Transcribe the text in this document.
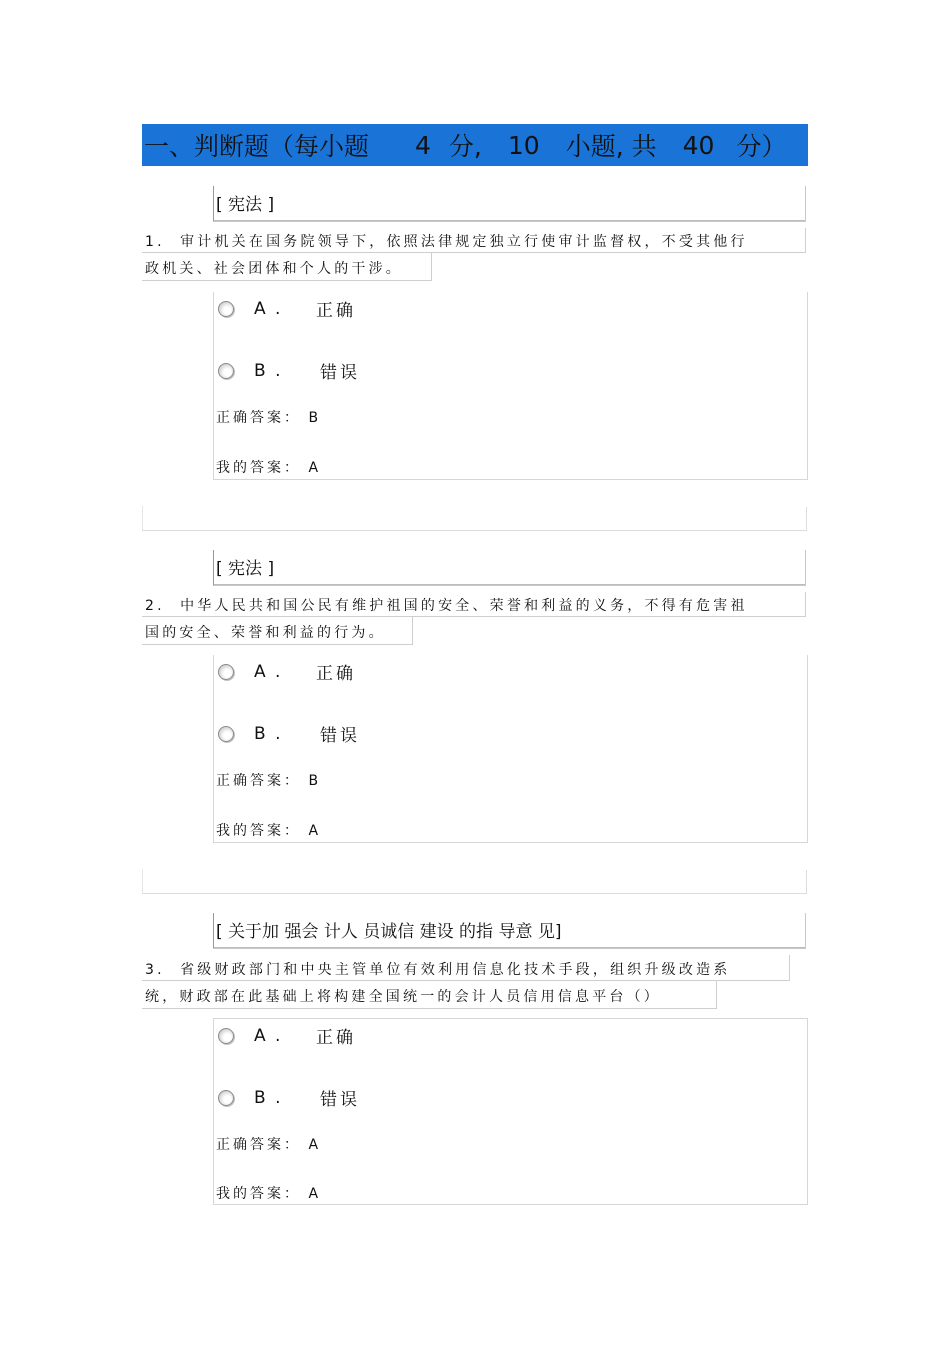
一、判断题（每小题 4 分, 10 小题, 共 40 分）
[ 宪法 ]
1. 审计机关在国务院领导下，依照法律规定独立行使审计监督权，不受其他行
政机关、社会团体和个人的干涉。
A .	正确
B .	错误
正确答案： B
我的答案： A
[ 宪法 ]
2. 中华人民共和国公民有维护祖国的安全、荣誉和利益的义务，不得有危害祖
国的安全、荣誉和利益的行为。
A .	正确
B .	错误
正确答案： B
我的答案： A
[ 关于加 强会 计人 员诚信 建设 的指 导意 见]
3. 省级财政部门和中央主管单位有效利用信息化技术手段，组织升级改造系
统，财政部在此基础上将构建全国统一的会计人员信用信息平台（）
A .	正确
B .	错误
正确答案： A
我的答案： A
